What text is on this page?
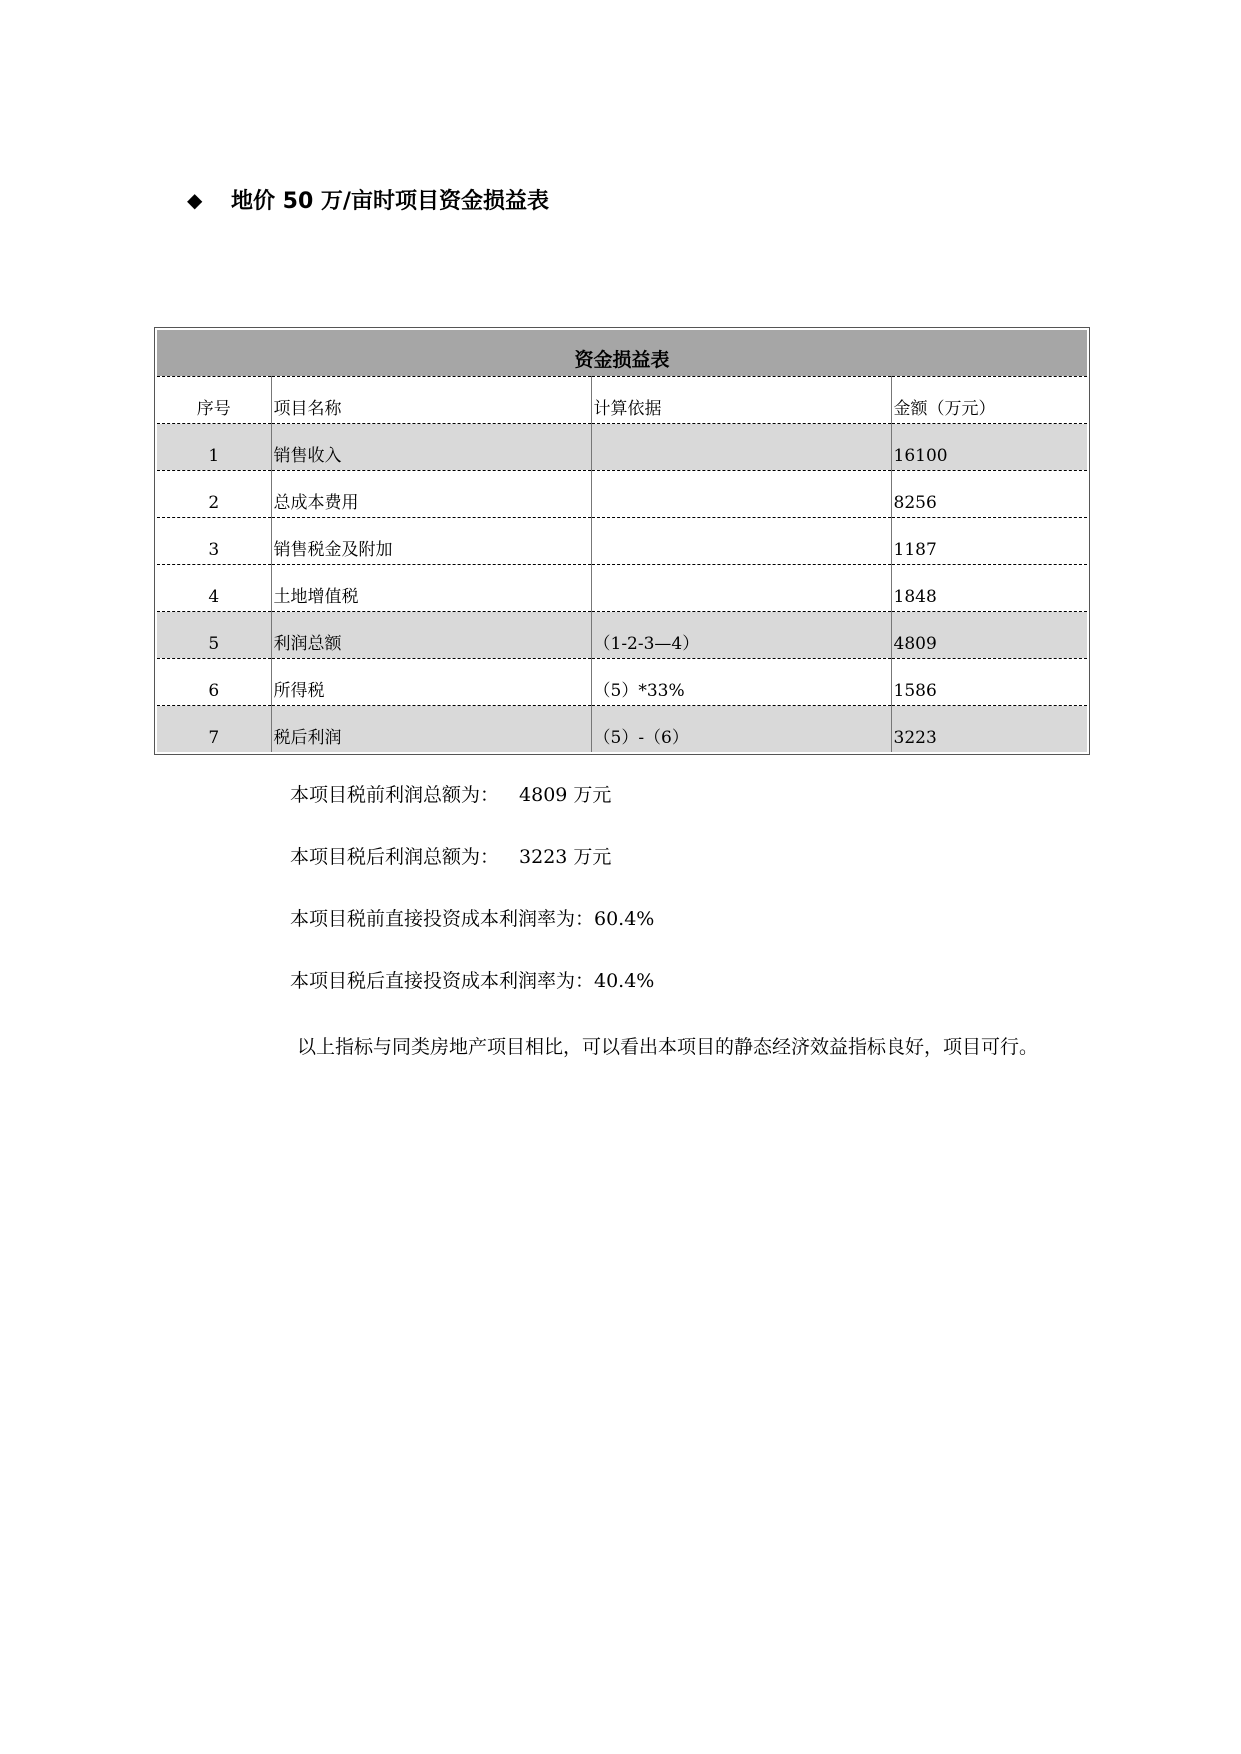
◆	地价 50 万/亩时项目资金损益表
资金损益表			
序号	项目名称	计算依据	金额（万元）
1	销售收入		16100
2	总成本费用		8256
3	销售税金及附加		1187
4	土地增值税		1848
5	利润总额	（1-2-3—4）	4809
6	所得税	（5）*33%	1586
7	税后利润	（5）-（6）	3223
本项目税前利润总额为： 4809 万元
本项目税后利润总额为： 3223 万元
本项目税前直接投资成本利润率为：60.4%
本项目税后直接投资成本利润率为：40.4%
以上指标与同类房地产项目相比，可以看出本项目的静态经济效益指标良好，项目可行。
